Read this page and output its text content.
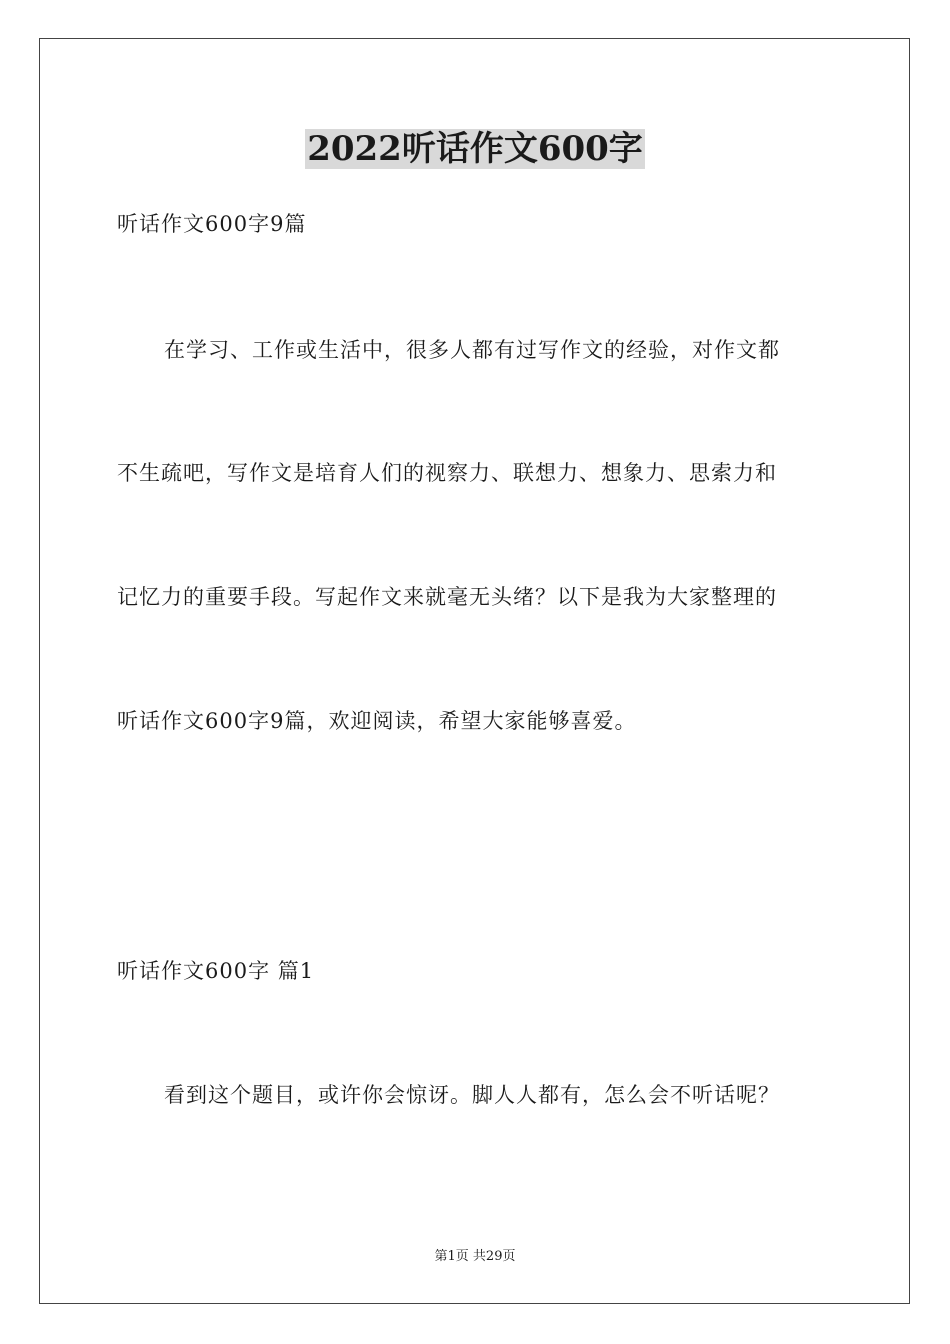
2022听话作文600字
听话作文600字9篇
在学习、工作或生活中，很多人都有过写作文的经验，对作文都
不生疏吧，写作文是培育人们的视察力、联想力、想象力、思索力和
记忆力的重要手段。写起作文来就毫无头绪？以下是我为大家整理的
听话作文600字9篇，欢迎阅读，希望大家能够喜爱。
听话作文600字 篇1
看到这个题目，或许你会惊讶。脚人人都有，怎么会不听话呢？
第1页 共29页
